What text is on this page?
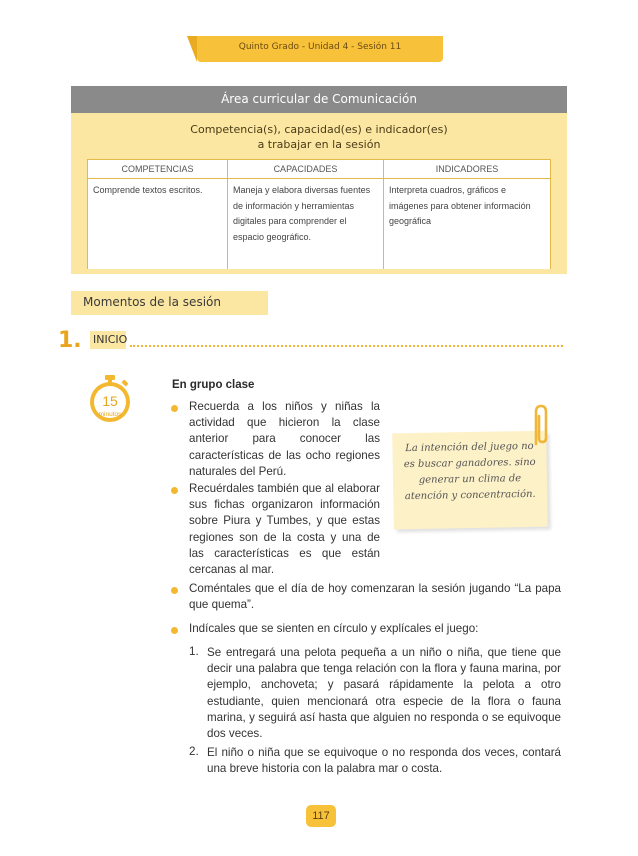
Quinto Grado - Unidad 4 - Sesión 11
Área curricular de Comunicación
Competencia(s), capacidad(es) e indicador(es)
a trabajar en la sesión
COMPETENCIAS	CAPACIDADES	INDICADORES
Comprende textos escritos.	Maneja y elabora diversas fuentes de información y herramientas digitales para comprender el espacio geográfico.	Interpreta cuadros, gráficos e imágenes para obtener información geográfica
Momentos de la sesión
1. INICIO
15
minutos
En grupo clase
Recuerda a los niños y niñas la actividad que hicieron la clase anterior para conocer las características de las ocho regiones naturales del Perú.
Recuérdales también que al elaborar sus fichas organizaron información sobre Piura y Tumbes, y que estas regiones son de la costa y una de las características es que están cercanas al mar.
Coméntales que el día de hoy comenzaran la sesión jugando “La papa que quema”.
Indícales que se sienten en círculo y explícales el juego:
1. Se entregará una pelota pequeña a un niño o niña, que tiene que decir una palabra que tenga relación con la flora y fauna marina, por ejemplo, anchoveta; y pasará rápidamente la pelota a otro estudiante, quien mencionará otra especie de la flora o fauna marina, y seguirá así hasta que alguien no responda o se equivoque dos veces.
2. El niño o niña que se equivoque o no responda dos veces, contará una breve historia con la palabra mar o costa.
La intención del juego no es buscar ganadores. sino generar un clima de atención y concentración.
117
